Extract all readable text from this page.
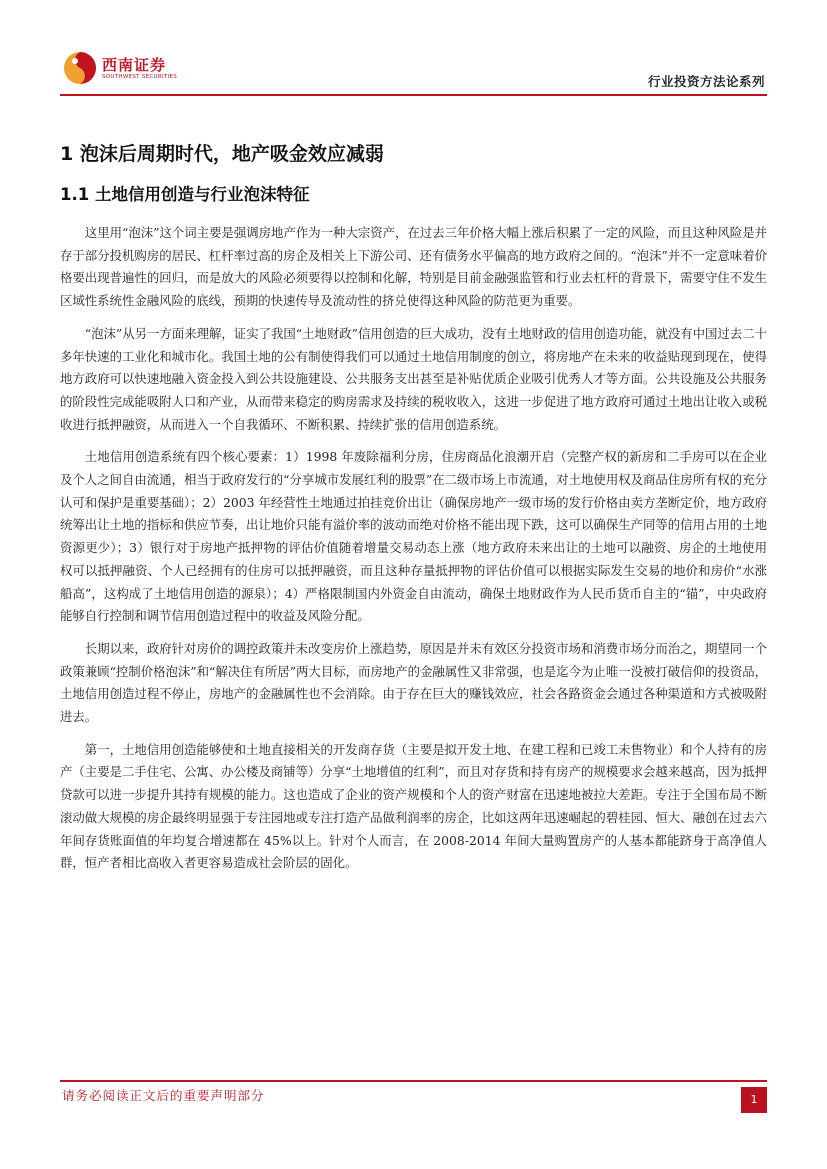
西南证券
SOUTHWEST SECURITIES	行业投资方法论系列
1 泡沫后周期时代，地产吸金效应减弱
1.1 土地信用创造与行业泡沫特征

这里用“泡沫”这个词主要是强调房地产作为一种大宗资产，在过去三年价格大幅上涨后积累了一定的风险，而且这种风险是并存于部分投机购房的居民、杠杆率过高的房企及相关上下游公司、还有债务水平偏高的地方政府之间的。“泡沫”并不一定意味着价格要出现普遍性的回归，而是放大的风险必须要得以控制和化解，特别是目前金融强监管和行业去杠杆的背景下，需要守住不发生区域性系统性金融风险的底线，预期的快速传导及流动性的挤兑使得这种风险的防范更为重要。

“泡沫”从另一方面来理解，证实了我国“土地财政”信用创造的巨大成功，没有土地财政的信用创造功能，就没有中国过去二十多年快速的工业化和城市化。我国土地的公有制使得我们可以通过土地信用制度的创立，将房地产在未来的收益贴现到现在，使得地方政府可以快速地融入资金投入到公共设施建设、公共服务支出甚至是补贴优质企业吸引优秀人才等方面。公共设施及公共服务的阶段性完成能吸附人口和产业，从而带来稳定的购房需求及持续的税收收入，这进一步促进了地方政府可通过土地出让收入或税收进行抵押融资，从而进入一个自我循环、不断积累、持续扩张的信用创造系统。

土地信用创造系统有四个核心要素：1）1998 年废除福利分房，住房商品化浪潮开启（完整产权的新房和二手房可以在企业及个人之间自由流通，相当于政府发行的“分享城市发展红利的股票”在二级市场上市流通，对土地使用权及商品住房所有权的充分认可和保护是重要基础）；2）2003 年经营性土地通过拍挂竞价出让（确保房地产一级市场的发行价格由卖方垄断定价，地方政府统筹出让土地的指标和供应节奏，出让地价只能有溢价率的波动而绝对价格不能出现下跌，这可以确保生产同等的信用占用的土地资源更少）；3）银行对于房地产抵押物的评估价值随着增量交易动态上涨（地方政府未来出让的土地可以融资、房企的土地使用权可以抵押融资、个人已经拥有的住房可以抵押融资，而且这种存量抵押物的评估价值可以根据实际发生交易的地价和房价“水涨船高”，这构成了土地信用创造的源泉）；4）严格限制国内外资金自由流动，确保土地财政作为人民币货币自主的“锚”，中央政府能够自行控制和调节信用创造过程中的收益及风险分配。

长期以来，政府针对房价的调控政策并未改变房价上涨趋势，原因是并未有效区分投资市场和消费市场分而治之，期望同一个政策兼顾“控制价格泡沫”和“解决住有所居”两大目标，而房地产的金融属性又非常强，也是迄今为止唯一没被打破信仰的投资品，土地信用创造过程不停止，房地产的金融属性也不会消除。由于存在巨大的赚钱效应，社会各路资金会通过各种渠道和方式被吸附进去。

第一，土地信用创造能够使和土地直接相关的开发商存货（主要是拟开发土地、在建工程和已竣工未售物业）和个人持有的房产（主要是二手住宅、公寓、办公楼及商铺等）分享“土地增值的红利”，而且对存货和持有房产的规模要求会越来越高，因为抵押贷款可以进一步提升其持有规模的能力。这也造成了企业的资产规模和个人的资产财富在迅速地被拉大差距。专注于全国布局不断滚动做大规模的房企最终明显强于专注园地或专注打造产品做利润率的房企，比如这两年迅速崛起的碧桂园、恒大、融创在过去六年间存货账面值的年均复合增速都在 45%以上。针对个人而言，在 2008-2014 年间大量购置房产的人基本都能跻身于高净值人群，恒产者相比高收入者更容易造成社会阶层的固化。

请务必阅读正文后的重要声明部分	1
